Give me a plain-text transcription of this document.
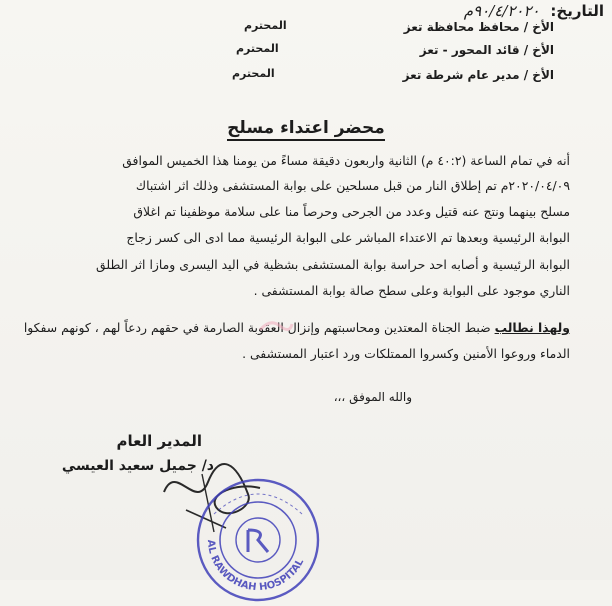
التاريخ: ٩٠/٤/٢٠٢٠م
الأخ / محافظ محافظة تعز
المحترم
الأخ / قائد المحور - تعز
المحترم
الأخ / مدير عام شرطة تعز
المحترم
محضر اعتداء مسلح
أنه في تمام الساعة (٤٠:٢ م) الثانية واربعون دقيقة مساءً من يومنا هذا الخميس الموافق
٢٠٢٠/٠٤/٠٩م تم إطلاق النار من قبل مسلحين على بوابة المستشفى وذلك اثر اشتباك
مسلح بينهما ونتج عنه قتيل وعدد من الجرحى وحرصاً منا على سلامة موظفينا تم اغلاق
البوابة الرئيسية وبعدها تم الاعتداء المباشر على البوابة الرئيسية مما ادى الى كسر زجاج
البوابة الرئيسية و أصابه احد حراسة بوابة المستشفى بشظية في اليد اليسرى ومازا اثر الطلق
الناري موجود على البوابة وعلى سطح صالة بوابة المستشفى .
ولهذا نطالب ضبط الجناة المعتدين ومحاسبتهم وإنزال العقوبة الصارمة في حقهم ردعاً لهم ، كونهم سفكوا
الدماء وروعوا الأمنين وكسروا الممتلكات ورد اعتبار المستشفى .
والله الموفق ،،،
المدير العام
د/ جميل سعيد العيسي
AL RAWDHAH HOSPITAL
